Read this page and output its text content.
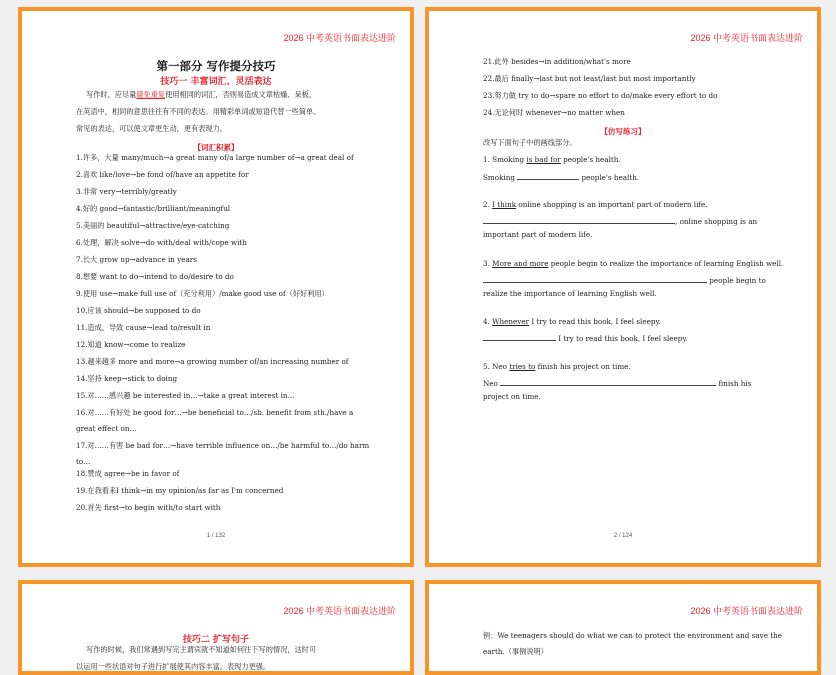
2026 中考英语书面表达进阶
第一部分 写作提分技巧
技巧一 丰富词汇、灵活表达
写作时，应尽量避免重复使用相同的词汇，否则易造成文章枯燥、呆板。
在英语中，相同的意思往往有不同的表达。用精彩单词或短语代替一些简单、
常见的表达，可以使文章更生动，更有表现力。
【词汇积累】
1.许多，大量 many/much→a great many of/a large number of→a great deal of
2.喜欢 like/love→be fond of/have an appetite for
3.非常 very→terribly/greatly
4.好的 good→fantastic/brilliant/meaningful
5.美丽的 beautiful→attractive/eye-catching
6.处理，解决 solve→do with/deal with/cope with
7.长大 grow up→advance in years
8.想要 want to do→intend to do/desire to do
9.使用 use→make full use of（充分利用）/make good use of（好好利用）
10.应该 should→be supposed to do
11.造成，导致 cause→lead to/result in
12.知道 know→come to realize
13.越来越多 more and more→a growing number of/an increasing number of
14.坚持 keep→stick to doing
15.对……感兴趣 be interested in…→take a great interest in…
16.对……有好处 be good for…→be beneficial to…/sb. benefit from sth./have a
great effect on…
17.对……有害 be bad for…→have terrible influence on…/be harmful to…/do harm
to…
18.赞成 agree→be in favor of
19.在我看来I think→in my opinion/as far as I'm concerned
20.首先 first→to begin with/to start with
1 / 132
2026 中考英语书面表达进阶
21.此外 besides→in addition/what's more
22.最后 finally→last but not least/last but most importantly
23.努力做 try to do→spare no effort to do/make every effort to do
24.无论何时 whenever→no matter when
【仿写练习】
改写下面句子中的画线部分。
1. Smoking is bad for people's health.
Smoking	people's health.
2. I think online shopping is an important part of modern life.
, online shopping is an
important part of modern life.
3. More and more people begin to realize the importance of learning English well.
people begin to
realize the importance of learning English well.
4. Whenever I try to read this book, I feel sleepy.
I try to read this book, I feel sleepy.
5. Neo tries to finish his project on time.
Neo	finish his
project on time.
2 / 124
2026 中考英语书面表达进阶
技巧二 扩写句子
写作的时候，我们常遇到写完主谓宾就不知道如何往下写的情况，这时可
以运用一些状语对句子进行扩展使其内容丰富，表现力更强。
2026 中考英语书面表达进阶
例：We teenagers should do what we can to protect the environment and save the
earth.（事例说明）
